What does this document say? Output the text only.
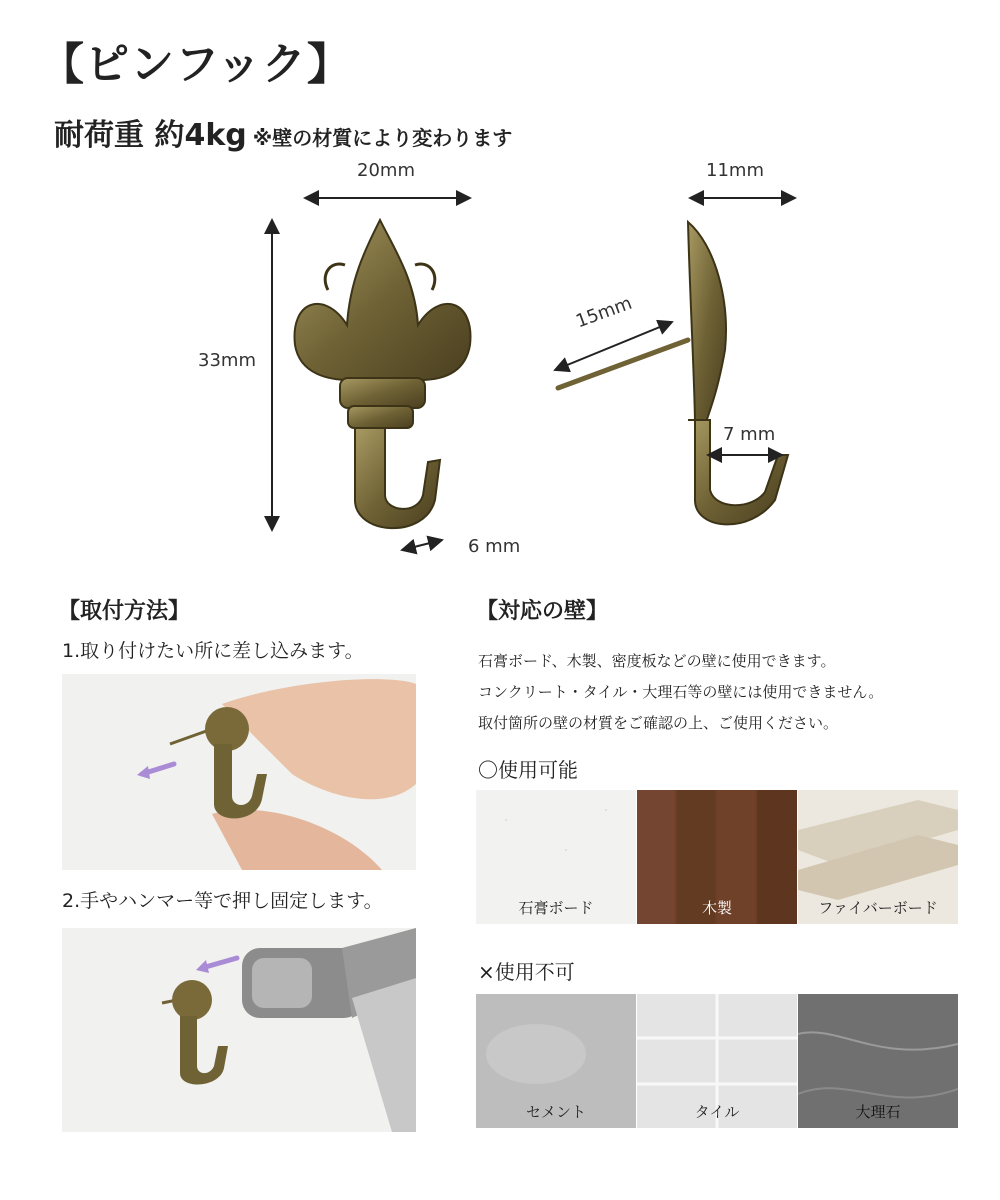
【ピンフック】
耐荷重 約4kg ※壁の材質により変わります
20mm	11mm
33mm
15mm
7 mm
6 mm
【取付方法】
1.取り付けたい所に差し込みます。
2.手やハンマー等で押し固定します。
【対応の壁】
石膏ボード、木製、密度板などの壁に使用できます。
コンクリート・タイル・大理石等の壁には使用できません。
取付箇所の壁の材質をご確認の上、ご使用ください。
〇使用可能
石膏ボード	木製	ファイバーボード
×使用不可
セメント	タイル	大理石
